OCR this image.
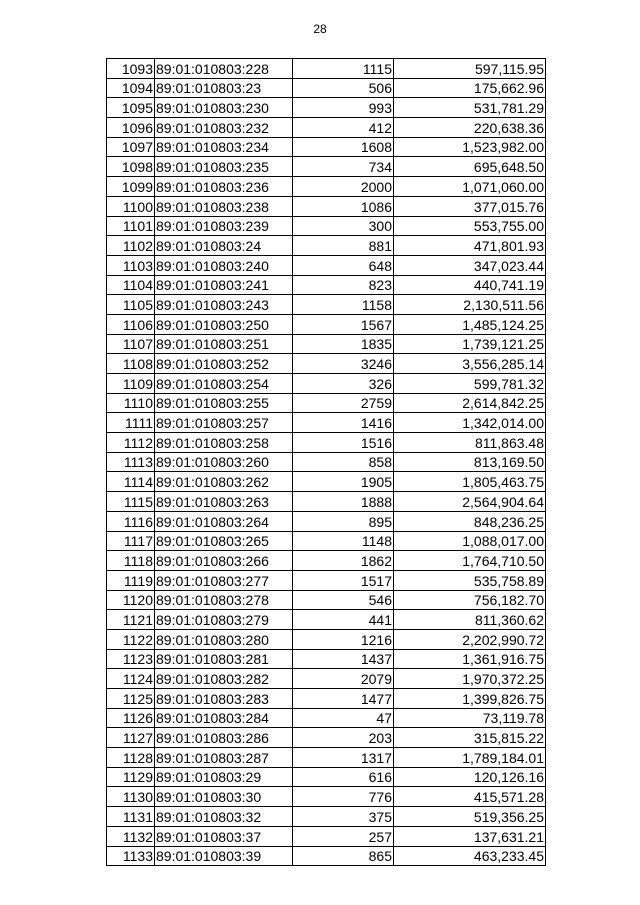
28
1093	89:01:010803:228	1115	597,115.95
1094	89:01:010803:23	506	175,662.96
1095	89:01:010803:230	993	531,781.29
1096	89:01:010803:232	412	220,638.36
1097	89:01:010803:234	1608	1,523,982.00
1098	89:01:010803:235	734	695,648.50
1099	89:01:010803:236	2000	1,071,060.00
1100	89:01:010803:238	1086	377,015.76
1101	89:01:010803:239	300	553,755.00
1102	89:01:010803:24	881	471,801.93
1103	89:01:010803:240	648	347,023.44
1104	89:01:010803:241	823	440,741.19
1105	89:01:010803:243	1158	2,130,511.56
1106	89:01:010803:250	1567	1,485,124.25
1107	89:01:010803:251	1835	1,739,121.25
1108	89:01:010803:252	3246	3,556,285.14
1109	89:01:010803:254	326	599,781.32
1110	89:01:010803:255	2759	2,614,842.25
1111	89:01:010803:257	1416	1,342,014.00
1112	89:01:010803:258	1516	811,863.48
1113	89:01:010803:260	858	813,169.50
1114	89:01:010803:262	1905	1,805,463.75
1115	89:01:010803:263	1888	2,564,904.64
1116	89:01:010803:264	895	848,236.25
1117	89:01:010803:265	1148	1,088,017.00
1118	89:01:010803:266	1862	1,764,710.50
1119	89:01:010803:277	1517	535,758.89
1120	89:01:010803:278	546	756,182.70
1121	89:01:010803:279	441	811,360.62
1122	89:01:010803:280	1216	2,202,990.72
1123	89:01:010803:281	1437	1,361,916.75
1124	89:01:010803:282	2079	1,970,372.25
1125	89:01:010803:283	1477	1,399,826.75
1126	89:01:010803:284	47	73,119.78
1127	89:01:010803:286	203	315,815.22
1128	89:01:010803:287	1317	1,789,184.01
1129	89:01:010803:29	616	120,126.16
1130	89:01:010803:30	776	415,571.28
1131	89:01:010803:32	375	519,356.25
1132	89:01:010803:37	257	137,631.21
1133	89:01:010803:39	865	463,233.45
